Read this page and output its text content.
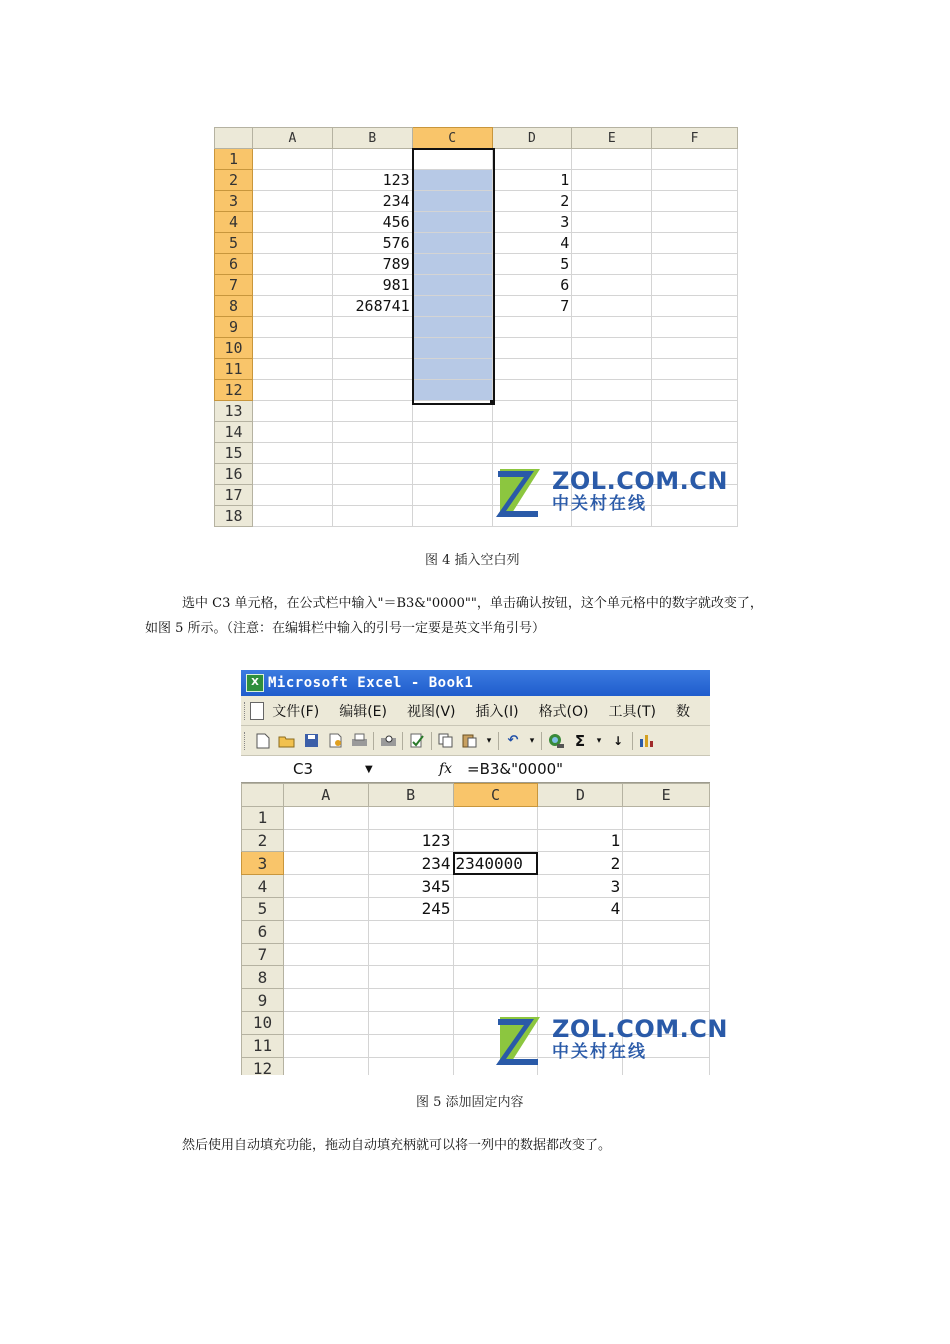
	A	B	C	D	E	F
1						
2		123		1		
3		234		2		
4		456		3		
5		576		4		
6		789		5		
7		981		6		
8		268741		7		
9						
10						
11						
12						
13						
14						
15						
16						
17						
18						
ZOL.COM.CN
中关村在线
图 4 插入空白列
选中 C3 单元格，在公式栏中输入"＝B3&"0000""，单击确认按钮，这个单元格中的数字就改变了，
如图 5 所示。（注意：在编辑栏中输入的引号一定要是英文半角引号）
X Microsoft Excel - Book1
文件(F) 编辑(E) 视图(V) 插入(I) 格式(O) 工具(T) 数
▾ ↶	▾	Σ	▾ ↓
C3	▼	fx =B3&"0000"
	A	B	C	D	E
1					
2		123		1	
3		234	2340000	2	
4		345		3	
5		245		4	
6					
7					
8					
9					
10					
11					
12					
ZOL.COM.CN
中关村在线
图 5 添加固定内容
然后使用自动填充功能，拖动自动填充柄就可以将一列中的数据都改变了。
